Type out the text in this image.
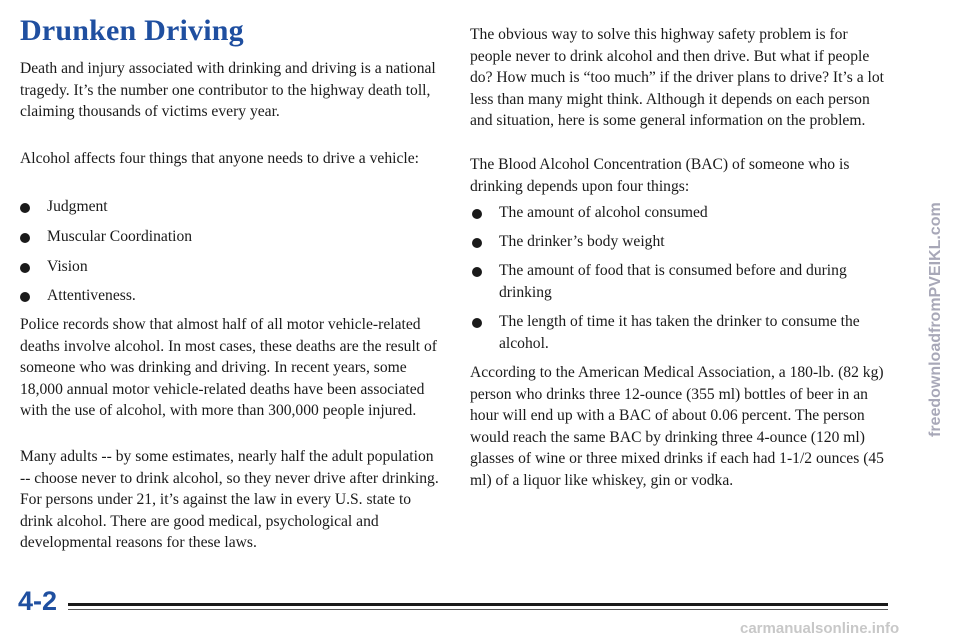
Drunken Driving

Death and injury associated with drinking and driving is a national tragedy. It’s the number one contributor to the highway death toll, claiming thousands of victims every year.

Alcohol affects four things that anyone needs to drive a vehicle:

Judgment
Muscular Coordination
Vision
Attentiveness.

Police records show that almost half of all motor vehicle-related deaths involve alcohol. In most cases, these deaths are the result of someone who was drinking and driving. In recent years, some 18,000 annual motor vehicle-related deaths have been associated with the use of alcohol, with more than 300,000 people injured.

Many adults -- by some estimates, nearly half the adult population -- choose never to drink alcohol, so they never drive after drinking. For persons under 21, it’s against the law in every U.S. state to drink alcohol. There are good medical, psychological and developmental reasons for these laws.

The obvious way to solve this highway safety problem is for people never to drink alcohol and then drive. But what if people do? How much is “too much” if the driver plans to drive? It’s a lot less than many might think. Although it depends on each person and situation, here is some general information on the problem.

The Blood Alcohol Concentration (BAC) of someone who is drinking depends upon four things:

The amount of alcohol consumed
The drinker’s body weight
The amount of food that is consumed before and during drinking
The length of time it has taken the drinker to consume the alcohol.

According to the American Medical Association, a 180-lb. (82 kg) person who drinks three 12-ounce (355 ml) bottles of beer in an hour will end up with a BAC of about 0.06 percent. The person would reach the same BAC by drinking three 4-ounce (120 ml) glasses of wine or three mixed drinks if each had 1-1/2 ounces (45 ml) of a liquor like whiskey, gin or vodka.

4-2
freedownloadfromPVEIKL.com
carmanualsonline.info
